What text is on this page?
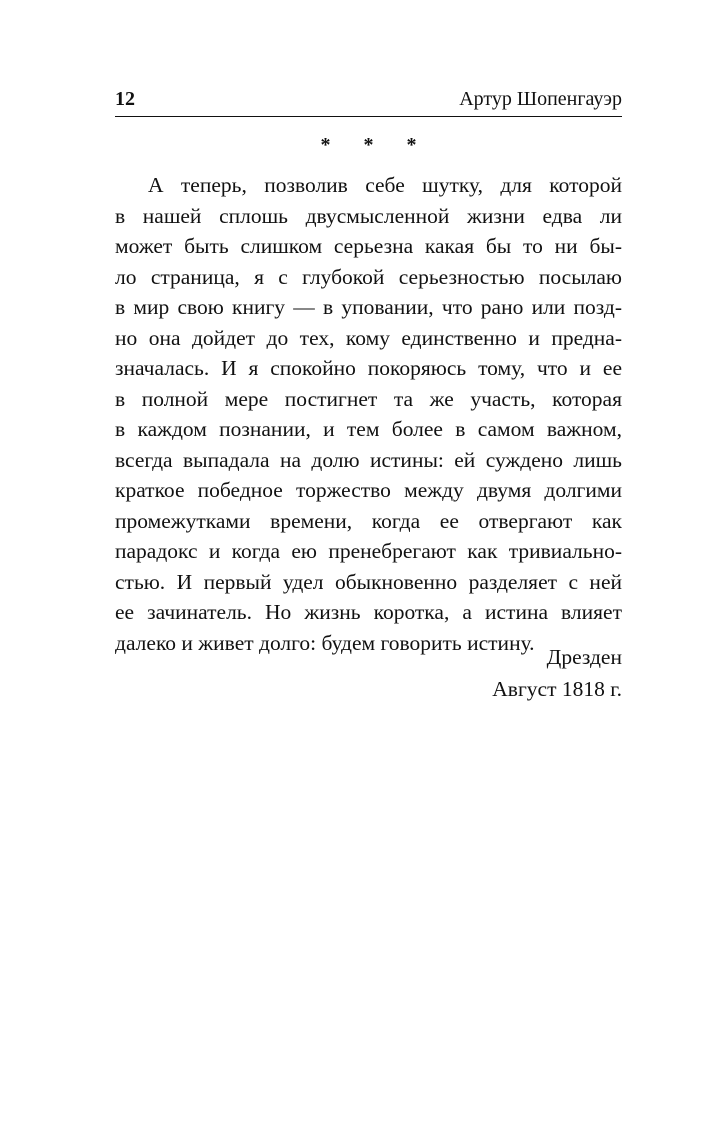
12	Артур Шопенгауэр
* * *

А теперь, позволив себе шутку, для которой
в нашей сплошь двусмысленной жизни едва ли
может быть слишком серьезна какая бы то ни бы-
ло страница, я с глубокой серьезностью посылаю
в мир свою книгу — в уповании, что рано или позд-
но она дойдет до тех, кому единственно и предна-
значалась. И я спокойно покоряюсь тому, что и ее
в полной мере постигнет та же участь, которая
в каждом познании, и тем более в самом важном,
всегда выпадала на долю истины: ей суждено лишь
краткое победное торжество между двумя долгими
промежутками времени, когда ее отвергают как
парадокс и когда ею пренебрегают как тривиально-
стью. И первый удел обыкновенно разделяет с ней
ее зачинатель. Но жизнь коротка, а истина влияет
далеко и живет долго: будем говорить истину.

Дрезден
Август 1818 г.
